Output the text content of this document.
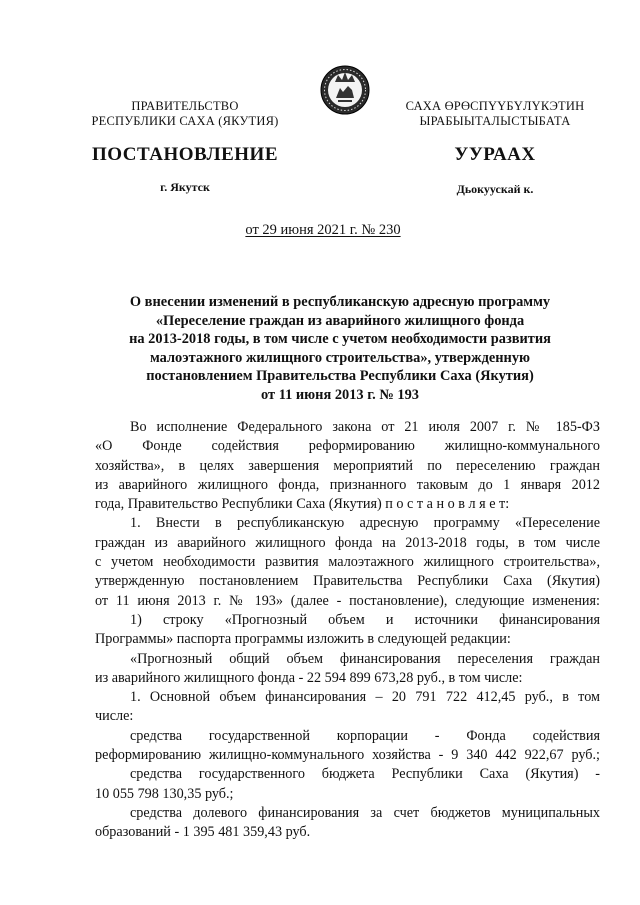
ПРАВИТЕЛЬСТВО
РЕСПУБЛИКИ САХА (ЯКУТИЯ)
САХА ӨРӨСПҮҮБҮЛҮКЭТИН
ЫРАБЫЫТАЛЫСТЫБАТА
ПОСТАНОВЛЕНИЕ	УУРААХ
г. Якутск	Дьокуускай к.
от 29 июня 2021 г. № 230
О внесении изменений в республиканскую адресную программу
«Переселение граждан из аварийного жилищного фонда
на 2013-2018 годы, в том числе с учетом необходимости развития
малоэтажного жилищного строительства», утвержденную
постановлением Правительства Республики Саха (Якутия)
от 11 июня 2013 г. № 193
Во исполнение Федерального закона от 21 июля 2007 г. № 185-ФЗ
«О Фонде содействия реформированию жилищно-коммунального
хозяйства», в целях завершения мероприятий по переселению граждан
из аварийного жилищного фонда, признанного таковым до 1 января 2012
года, Правительство Республики Саха (Якутия) п о с т а н о в л я е т:
1. Внести в республиканскую адресную программу «Переселение
граждан из аварийного жилищного фонда на 2013-2018 годы, в том числе
с учетом необходимости развития малоэтажного жилищного строительства»,
утвержденную постановлением Правительства Республики Саха (Якутия)
от 11 июня 2013 г. № 193» (далее - постановление), следующие изменения:
1) строку «Прогнозный объем и источники финансирования
Программы» паспорта программы изложить в следующей редакции:
«Прогнозный общий объем финансирования переселения граждан
из аварийного жилищного фонда - 22 594 899 673,28 руб., в том числе:
1. Основной объем финансирования – 20 791 722 412,45 руб., в том
числе:
средства государственной корпорации - Фонда содействия
реформированию жилищно-коммунального хозяйства - 9 340 442 922,67 руб.;
средства государственного бюджета Республики Саха (Якутия) -
10 055 798 130,35 руб.;
средства долевого финансирования за счет бюджетов муниципальных
образований - 1 395 481 359,43 руб.
